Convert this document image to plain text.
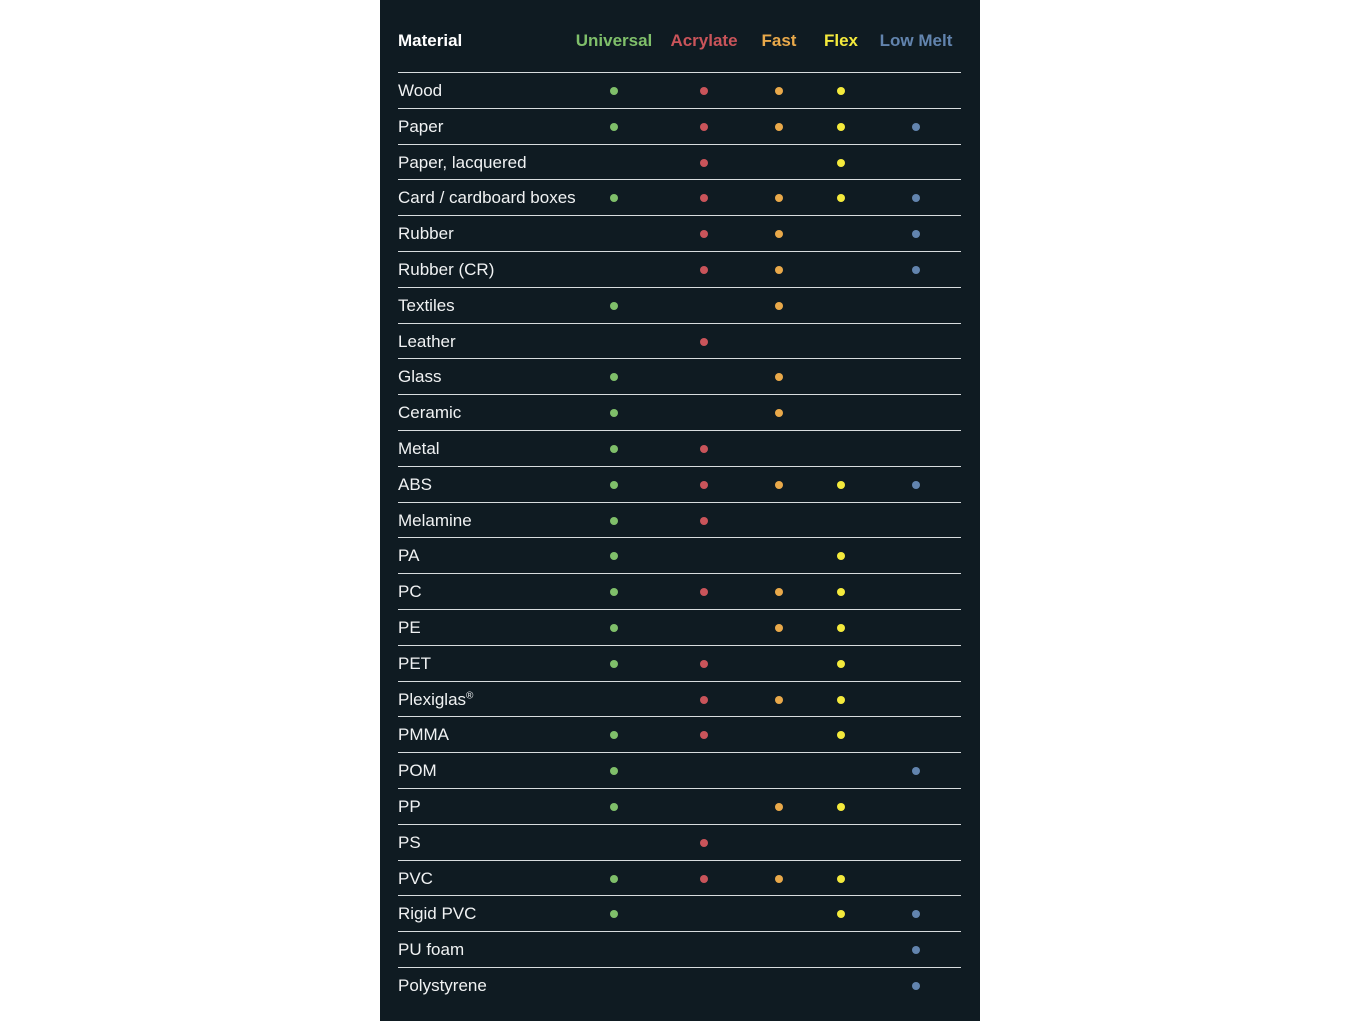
Material	Universal Acrylate Fast Flex Low Melt
Wood
Paper
Paper, lacquered
Card / cardboard boxes
Rubber
Rubber (CR)
Textiles
Leather
Glass
Ceramic
Metal
ABS
Melamine
PA
PC
PE
PET
Plexiglas®
PMMA
POM
PP
PS
PVC
Rigid PVC
PU foam
Polystyrene
